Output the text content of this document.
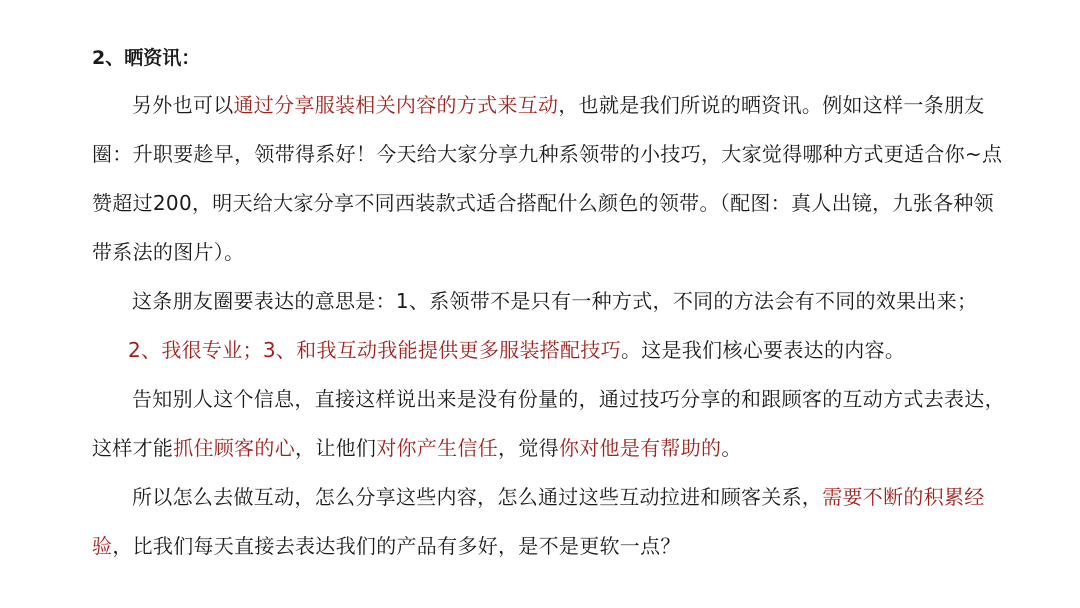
2、晒资讯：
另外也可以通过分享服装相关内容的方式来互动，也就是我们所说的晒资讯。例如这样一条朋友
圈：升职要趁早，领带得系好！今天给大家分享九种系领带的小技巧，大家觉得哪种方式更适合你~点
赞超过200，明天给大家分享不同西装款式适合搭配什么颜色的领带。（配图：真人出镜，九张各种领
带系法的图片）。
这条朋友圈要表达的意思是：1、系领带不是只有一种方式，不同的方法会有不同的效果出来；
2、我很专业；3、和我互动我能提供更多服装搭配技巧。这是我们核心要表达的内容。
告知别人这个信息，直接这样说出来是没有份量的，通过技巧分享的和跟顾客的互动方式去表达，
这样才能抓住顾客的心，让他们对你产生信任，觉得你对他是有帮助的。
所以怎么去做互动，怎么分享这些内容，怎么通过这些互动拉进和顾客关系，需要不断的积累经
验，比我们每天直接去表达我们的产品有多好，是不是更软一点？
